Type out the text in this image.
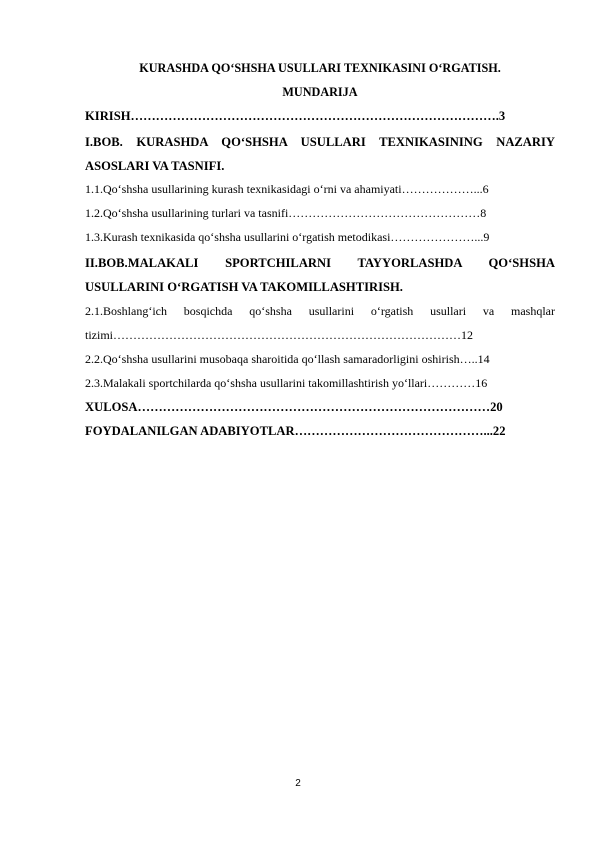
KURASHDA QO‘SHSHA USULLARI TEXNIKASINI O‘RGATISH.
MUNDARIJA
KIRISH…………………………………………………………………………….3
I.BOB. KURASHDA QO‘SHSHA USULLARI TEXNIKASINING NAZARIY
ASOSLARI VA TASNIFI.
1.1.Qo‘shsha usullarining kurash texnikasidagi o‘rni va ahamiyati………………...6
1.2.Qo‘shsha usullarining turlari va tasnifi…………………………………………8
1.3.Kurash texnikasida qo‘shsha usullarini o‘rgatish metodikasi…………………...9
II.BOB.MALAKALI SPORTCHILARNI TAYYORLASHDA QO‘SHSHA
USULLARINI O‘RGATISH VA TAKOMILLASHTIRISH.
2.1.Boshlang‘ich bosqichda qo‘shsha usullarini o‘rgatish usullari va mashqlar
tizimi……………………………………………………………………………12
2.2.Qo‘shsha usullarini musobaqa sharoitida qo‘llash samaradorligini oshirish…..14
2.3.Malakali sportchilarda qo‘shsha usullarini takomillashtirish yo‘llari…………16
XULOSA…………………………………………………………………………20
FOYDALANILGAN ADABIYOTLAR………………………………………...22
2
